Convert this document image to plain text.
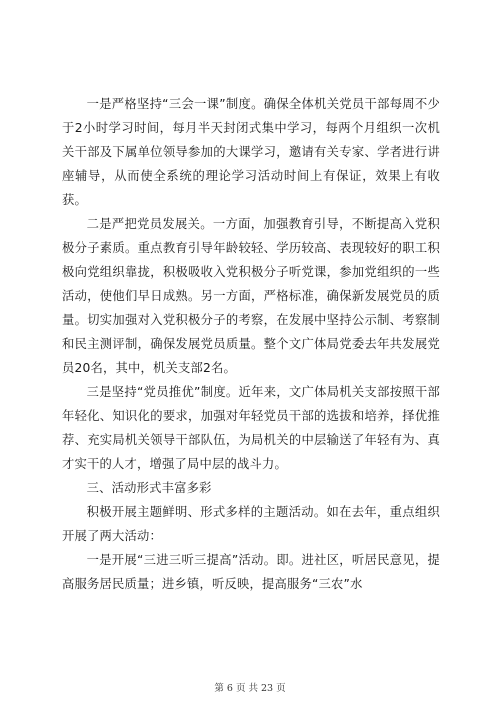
一是严格坚持“三会一课”制度。确保全体机关党员干部每周不少于2小时学习时间，每月半天封闭式集中学习，每两个月组织一次机关干部及下属单位领导参加的大课学习，邀请有关专家、学者进行讲座辅导，从而使全系统的理论学习活动时间上有保证，效果上有收获。

二是严把党员发展关。一方面，加强教育引导，不断提高入党积极分子素质。重点教育引导年龄较轻、学历较高、表现较好的职工积极向党组织靠拢，积极吸收入党积极分子听党课，参加党组织的一些活动，使他们早日成熟。另一方面，严格标准，确保新发展党员的质量。切实加强对入党积极分子的考察，在发展中坚持公示制、考察制和民主测评制，确保发展党员质量。整个文广体局党委去年共发展党员20名，其中，机关支部2名。

三是坚持“党员推优”制度。近年来，文广体局机关支部按照干部年轻化、知识化的要求，加强对年轻党员干部的选拔和培养，择优推荐、充实局机关领导干部队伍，为局机关的中层输送了年轻有为、真才实干的人才，增强了局中层的战斗力。

三、活动形式丰富多彩

积极开展主题鲜明、形式多样的主题活动。如在去年，重点组织开展了两大活动：

一是开展“三进三听三提高”活动。即。进社区，听居民意见，提高服务居民质量；进乡镇，听反映，提高服务“三农”水

第 6 页 共 23 页
